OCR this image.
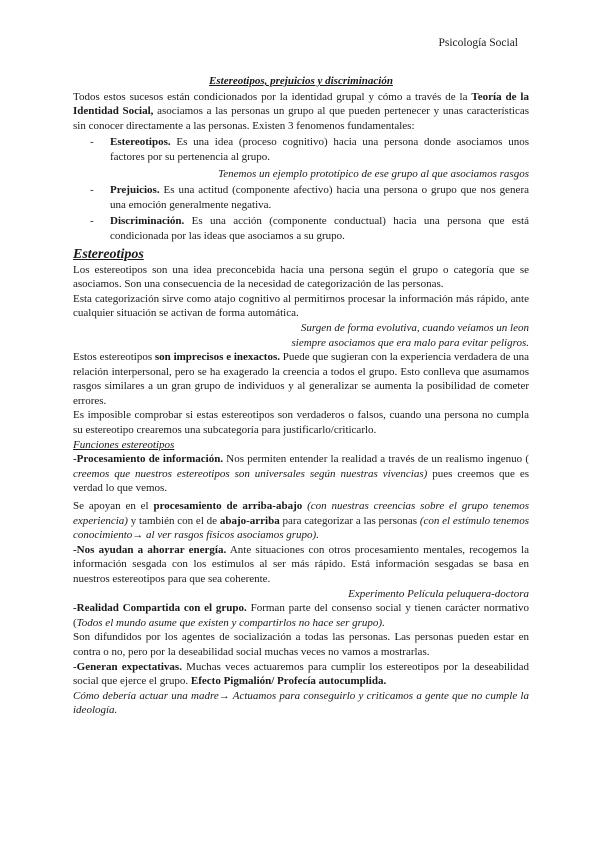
Psicología Social

Estereotipos, prejuicios y discriminación

Todos estos sucesos están condicionados por la identidad grupal y cómo a través de la Teoría de la Identidad Social, asociamos a las personas un grupo al que pueden pertenecer y unas características sin conocer directamente a las personas. Existen 3 fenomenos fundamentales:

- Estereotipos. Es una idea (proceso cognitivo) hacia una persona donde asociamos unos factores por su pertenencia al grupo.

Tenemos un ejemplo prototípico de ese grupo al que asociamos rasgos

- Prejuicios. Es una actitud (componente afectivo) hacia una persona o grupo que nos genera una emoción generalmente negativa.
- Discriminación. Es una acción (componente conductual) hacia una persona que está condicionada por las ideas que asociamos a su grupo.

Estereotipos

Los estereotipos son una idea preconcebida hacia una persona según el grupo o categoría que se asociamos. Son una consecuencia de la necesidad de categorización de las personas.

Esta categorización sirve como atajo cognitivo al permitirnos procesar la información más rápido, ante cualquier situación se activan de forma automática.

Surgen de forma evolutiva, cuando veíamos un leon

siempre asociamos que era malo para evitar peligros.

Estos estereotipos son imprecisos e inexactos. Puede que sugieran con la experiencia verdadera de una relación interpersonal, pero se ha exagerado la creencia a todos el grupo. Esto conlleva que asumamos rasgos similares a un gran grupo de individuos y al generalizar se aumenta la posibilidad de cometer errores.

Es imposible comprobar si estas estereotipos son verdaderos o falsos, cuando una persona no cumpla su estereotipo crearemos una subcategoría para justificarlo/criticarlo.

Funciones estereotipos

-Procesamiento de información. Nos permiten entender la realidad a través de un realismo ingenuo ( creemos que nuestros estereotipos son universales según nuestras vivencias) pues creemos que es verdad lo que vemos.

Se apoyan en el procesamiento de arriba-abajo (con nuestras creencias sobre el grupo tenemos experiencia) y también con el de abajo-arriba para categorizar a las personas (con el estímulo tenemos conocimiento→ al ver rasgos físicos asociamos grupo).

-Nos ayudan a ahorrar energía. Ante situaciones con otros procesamiento mentales, recogemos la información sesgada con los estímulos al ser más rápido. Está información sesgadas se basa en nuestros estereotipos para que sea coherente.

Experimento Película peluquera-doctora

-Realidad Compartida con el grupo. Forman parte del consenso social y tienen carácter normativo (Todos el mundo asume que existen y compartirlos no hace ser grupo).

Son difundidos por los agentes de socialización a todas las personas. Las personas pueden estar en contra o no, pero por la deseabilidad social muchas veces no vamos a mostrarlas.

-Generan expectativas. Muchas veces actuaremos para cumplir los estereotipos por la deseabilidad social que ejerce el grupo. Efecto Pigmalión/ Profecía autocumplida.

Cómo debería actuar una madre→ Actuamos para conseguirlo y criticamos a gente que no cumple la ideología.
